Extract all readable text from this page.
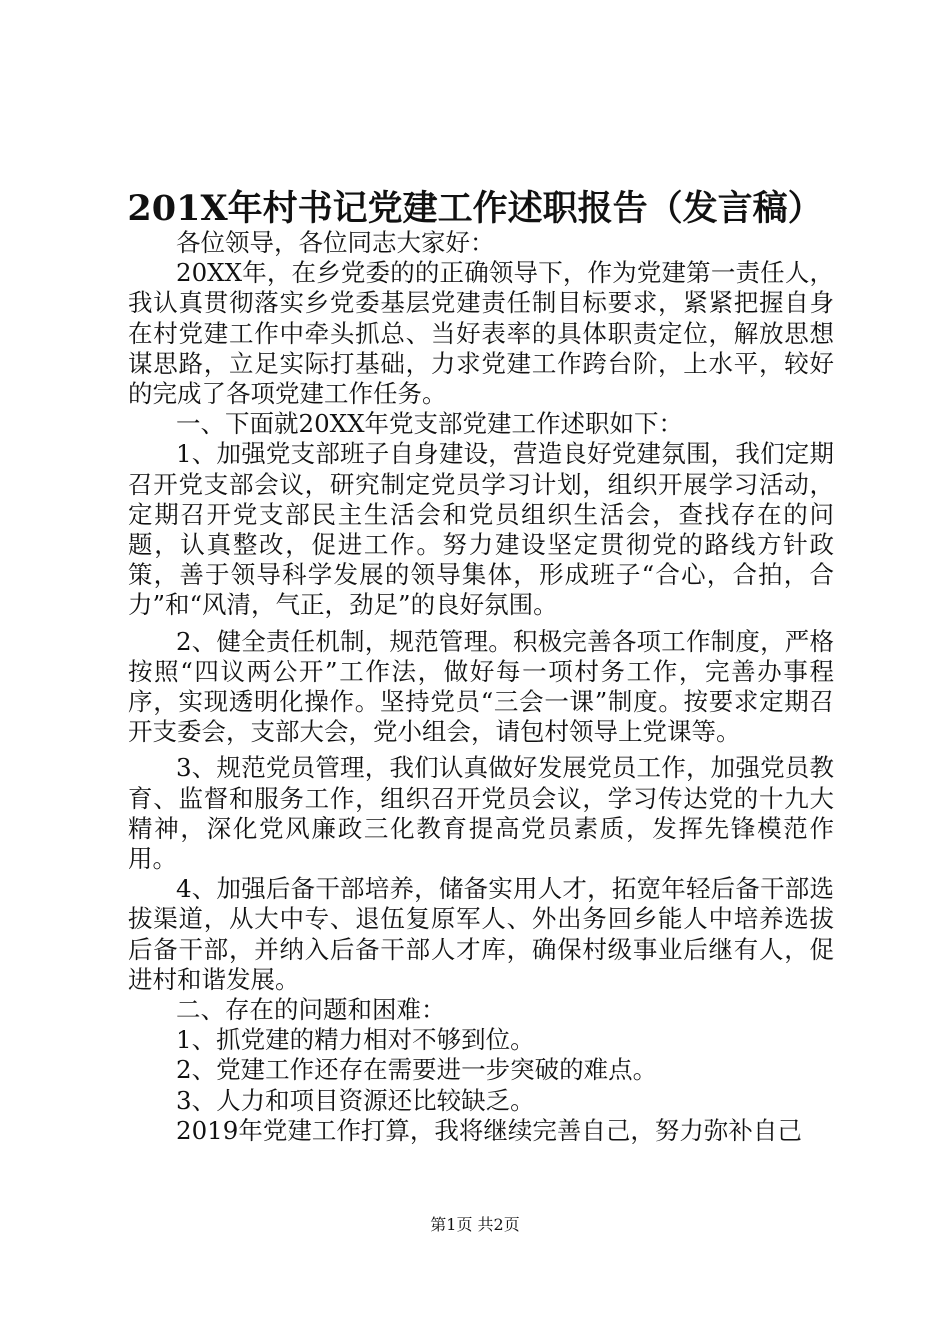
201X年村书记党建工作述职报告（发言稿）

各位领导，各位同志大家好：

20XX年，在乡党委的的正确领导下，作为党建第一责任人，我认真贯彻落实乡党委基层党建责任制目标要求，紧紧把握自身在村党建工作中牵头抓总、当好表率的具体职责定位，解放思想谋思路，立足实际打基础，力求党建工作跨台阶，上水平，较好的完成了各项党建工作任务。

一、下面就20XX年党支部党建工作述职如下：

1、加强党支部班子自身建设，营造良好党建氛围，我们定期召开党支部会议，研究制定党员学习计划，组织开展学习活动，定期召开党支部民主生活会和党员组织生活会，查找存在的问题，认真整改，促进工作。努力建设坚定贯彻党的路线方针政策，善于领导科学发展的领导集体，形成班子“合心，合拍，合力”和“风清，气正，劲足”的良好氛围。

2、健全责任机制，规范管理。积极完善各项工作制度，严格按照“四议两公开”工作法，做好每一项村务工作，完善办事程序，实现透明化操作。坚持党员“三会一课”制度。按要求定期召开支委会，支部大会，党小组会，请包村领导上党课等。

3、规范党员管理，我们认真做好发展党员工作，加强党员教育、监督和服务工作，组织召开党员会议，学习传达党的十九大精神，深化党风廉政三化教育提高党员素质，发挥先锋模范作用。

4、加强后备干部培养，储备实用人才，拓宽年轻后备干部选拔渠道，从大中专、退伍复原军人、外出务回乡能人中培养选拔后备干部，并纳入后备干部人才库，确保村级事业后继有人，促进村和谐发展。

二、存在的问题和困难：

1、抓党建的精力相对不够到位。

2、党建工作还存在需要进一步突破的难点。

3、人力和项目资源还比较缺乏。

2019年党建工作打算，我将继续完善自己，努力弥补自己

第1页 共2页
